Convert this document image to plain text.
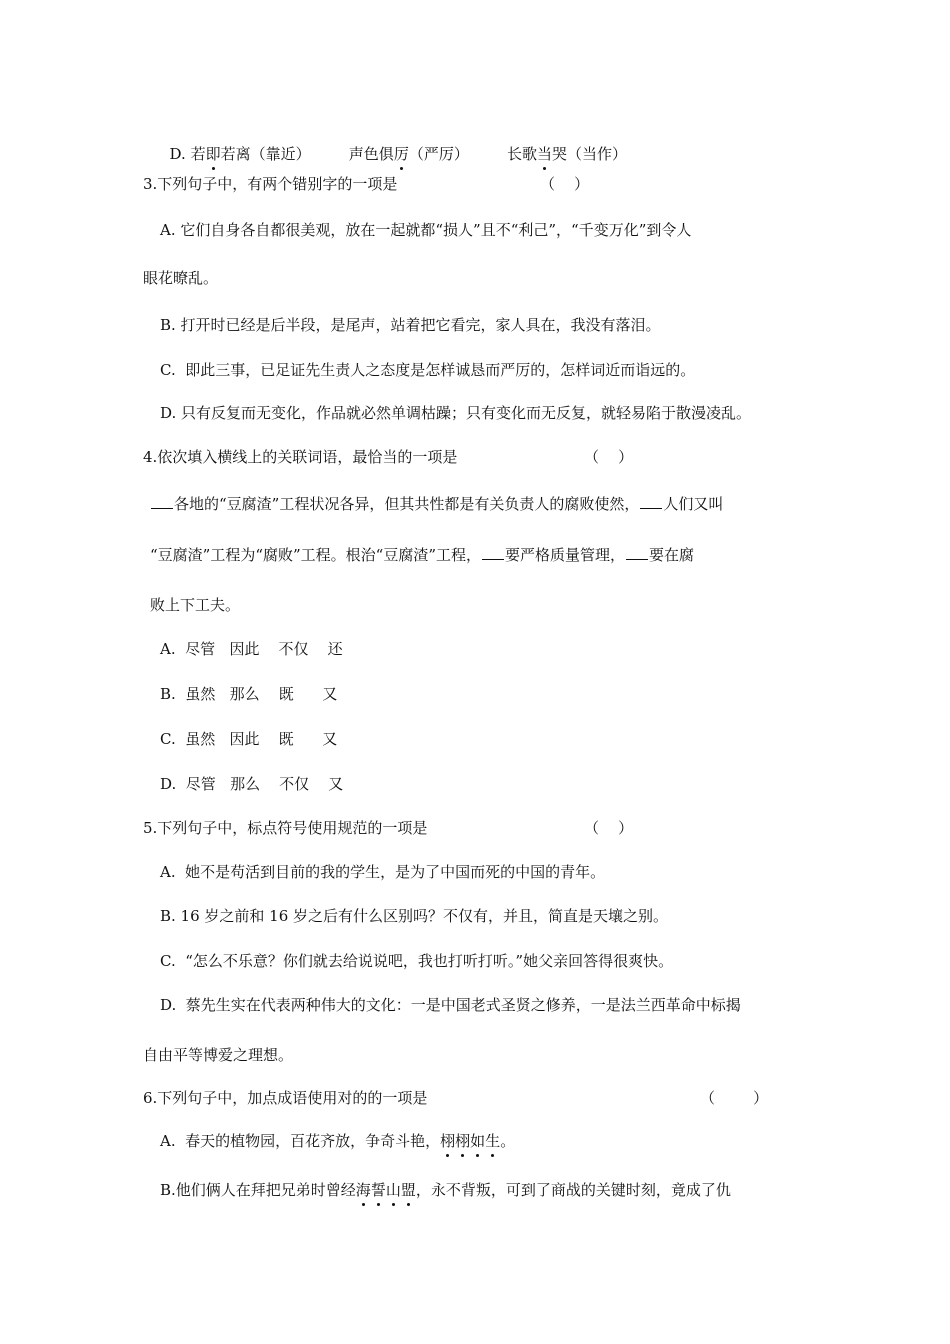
D. 若即若离（靠近）	声色俱厉（严厉）	长歌当哭（当作）

3.下列句子中，有两个错别字的一项是	（    ）
A. 它们自身各自都很美观，放在一起就都“损人”且不“利己”，“千变万化”到令人
眼花暸乱。
B. 打开时已经是后半段，是尾声，站着把它看完，家人具在，我没有落泪。
C.  即此三事，已足证先生责人之态度是怎样诚恳而严厉的，怎样词近而诣远的。
D. 只有反复而无变化，作品就必然单调枯躁；只有变化而无反复，就轻易陷于散漫凌乱。
4.依次填入横线上的关联词语，最恰当的一项是	（    ）
各地的“豆腐渣”工程状况各异，但其共性都是有关负责人的腐败使然， 人们又叫
“豆腐渣”工程为“腐败”工程。根治“豆腐渣”工程， 要严格质量管理， 要在腐
败上下工夫。
A.  尽管   因此    不仅    还
B.  虽然   那么    既      又
C.  虽然   因此    既      又
D.  尽管   那么    不仅    又
5.下列句子中，标点符号使用规范的一项是	（    ）
A.  她不是苟活到目前的我的学生，是为了中国而死的中国的青年。
B. 16 岁之前和 16 岁之后有什么区别吗？不仅有，并且，简直是天壤之别。
C.  “怎么不乐意？你们就去给说说吧，我也打听打听。”她父亲回答得很爽快。
D.  蔡先生实在代表两种伟大的文化：一是中国老式圣贤之修养，一是法兰西革命中标揭
自由平等博爱之理想。
6.下列句子中，加点成语使用对的的一项是	（        ）
A.  春天的植物园，百花齐放，争奇斗艳，栩栩如生。
B.他们俩人在拜把兄弟时曾经海誓山盟，永不背叛，可到了商战的关键时刻，竟成了仇
